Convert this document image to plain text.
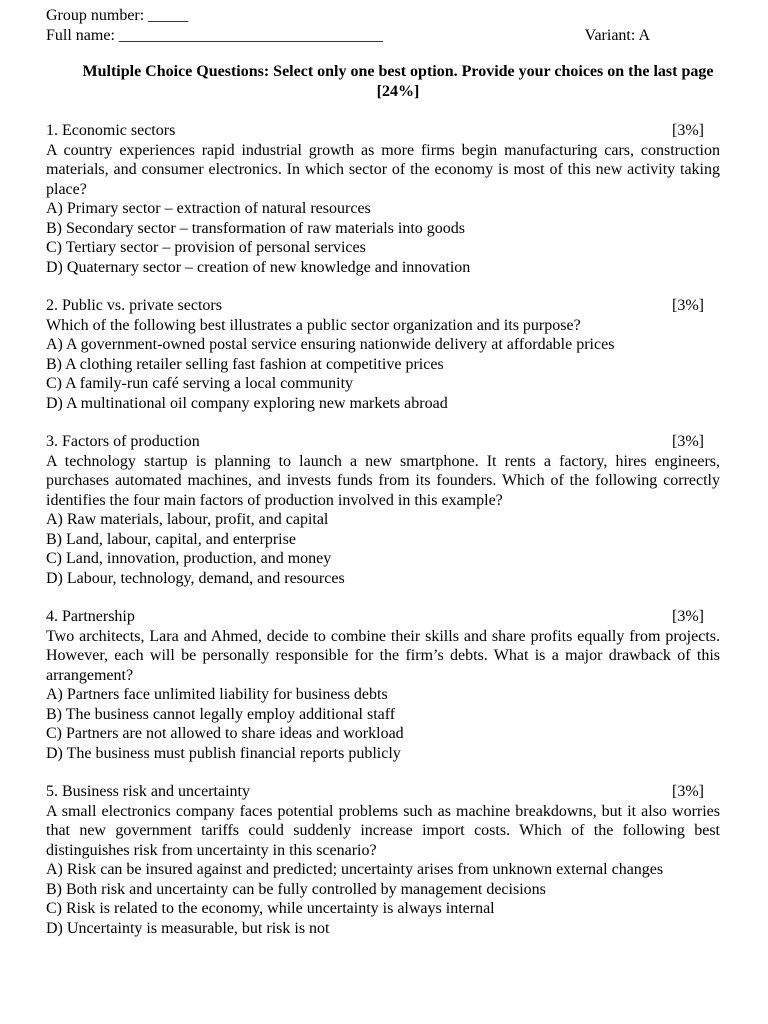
Group number: _____
Full name: _________________________________	Variant: A
Multiple Choice Questions: Select only one best option. Provide your choices on the last page [24%]
1. Economic sectors	[3%]
A country experiences rapid industrial growth as more firms begin manufacturing cars, construction materials, and consumer electronics. In which sector of the economy is most of this new activity taking place?
A) Primary sector – extraction of natural resources
B) Secondary sector – transformation of raw materials into goods
C) Tertiary sector – provision of personal services
D) Quaternary sector – creation of new knowledge and innovation
2. Public vs. private sectors	[3%]
Which of the following best illustrates a public sector organization and its purpose?
A) A government-owned postal service ensuring nationwide delivery at affordable prices
B) A clothing retailer selling fast fashion at competitive prices
C) A family-run café serving a local community
D) A multinational oil company exploring new markets abroad
3. Factors of production	[3%]
A technology startup is planning to launch a new smartphone. It rents a factory, hires engineers, purchases automated machines, and invests funds from its founders. Which of the following correctly identifies the four main factors of production involved in this example?
A) Raw materials, labour, profit, and capital
B) Land, labour, capital, and enterprise
C) Land, innovation, production, and money
D) Labour, technology, demand, and resources
4. Partnership	[3%]
Two architects, Lara and Ahmed, decide to combine their skills and share profits equally from projects. However, each will be personally responsible for the firm’s debts. What is a major drawback of this arrangement?
A) Partners face unlimited liability for business debts
B) The business cannot legally employ additional staff
C) Partners are not allowed to share ideas and workload
D) The business must publish financial reports publicly
5. Business risk and uncertainty	[3%]
A small electronics company faces potential problems such as machine breakdowns, but it also worries that new government tariffs could suddenly increase import costs. Which of the following best distinguishes risk from uncertainty in this scenario?
A) Risk can be insured against and predicted; uncertainty arises from unknown external changes
B) Both risk and uncertainty can be fully controlled by management decisions
C) Risk is related to the economy, while uncertainty is always internal
D) Uncertainty is measurable, but risk is not
